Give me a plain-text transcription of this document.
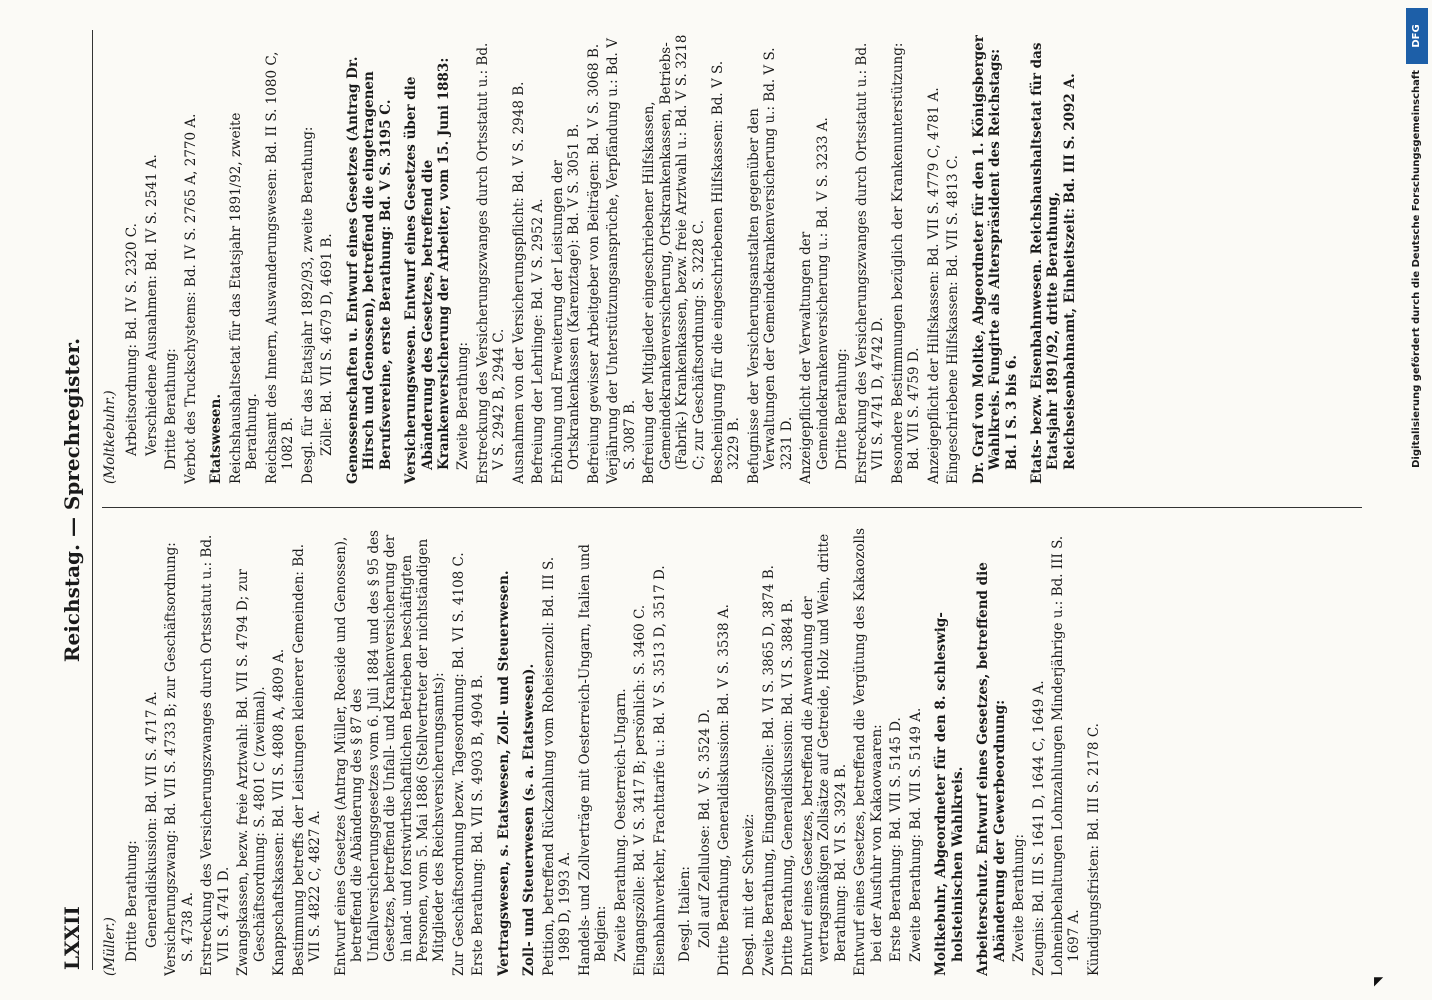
LXXII
Reichstag. — Sprechregister.

(Müller.) Dritte Berathung: Generaldiskussion: Bd. VII S. 4717 A. Versicherungszwang: Bd. VII S. 4733 B; zur Geschäftsordnung: S. 4738 A. Erstreckung des Versicherungszwanges durch Ortsstatut u.: Bd. VII S. 4741 D. Zwangskassen, bezw. freie Arztwahl: Bd. VII S. 4794 D; zur Geschäftsordnung: S. 4801 C (zweimal). Knappschaftskassen: Bd. VII S. 4808 A, 4809 A. Bestimmung betreffs der Leistungen kleinerer Gemeinden: Bd. VII S. 4822 C, 4827 A. Entwurf eines Gesetzes (Antrag Müller, Roeside und Genossen), betreffend die Abänderung des § 87 des Unfallversicherungsgesetzes vom 6. Juli 1884 und des § 95 des Gesetzes, betreffend die Unfall- und Krankenversicherung der in land- und forstwirthschaftlichen Betrieben beschäftigten Personen, vom 5. Mai 1886 (Stellvertreter der nichtständigen Mitglieder des Reichsversicherungsamts): Zur Geschäftsordnung bezw. Tagesordnung: Bd. VI S. 4108 C. Erste Berathung: Bd. VII S. 4903 B, 4904 B. Vertragswesen, s. Etatswesen, Zoll- und Steuerwesen. Zoll- und Steuerwesen (s. a. Etatswesen). Petition, betreffend Rückzahlung vom Roheisenzoll: Bd. III S. 1989 D, 1993 A. Handels- und Zollverträge mit Oesterreich-Ungarn, Italien und Belgien: Zweite Berathung. Oesterreich-Ungarn. Eingangszölle: Bd. V S. 3417 B; persönlich: S. 3460 C. Eisenbahnverkehr, Frachttarife u.: Bd. V S. 3513 D, 3517 D. Desgl. Italien: Zoll auf Zellulose: Bd. V S. 3524 D. Dritte Berathung, Generaldiskussion: Bd. V S. 3538 A. Desgl. mit der Schweiz: Zweite Berathung, Eingangszölle: Bd. VI S. 3865 D, 3874 B. Dritte Berathung, Generaldiskussion: Bd. VI S. 3884 B. Entwurf eines Gesetzes, betreffend die Anwendung der vertragsmäßigen Zollsätze auf Getreide, Holz und Wein, dritte Berathung: Bd. VI S. 3924 B. Entwurf eines Gesetzes, betreffend die Vergütung des Kakaozolls bei der Ausfuhr von Kakaowaaren: Erste Berathung: Bd. VII S. 5145 D. Zweite Berathung: Bd. VII S. 5149 A. Moltkebuhr, Abgeordneter für den 8. schleswig-holsteinischen Wahlkreis. Arbeiterschutz. Entwurf eines Gesetzes, betreffend die Abänderung der Gewerbeordnung: Zweite Berathung: Zeugnis: Bd. III S. 1641 D, 1644 C, 1649 A. Lohneinbehaltungen Lohnzahlungen Minderjährige u.: Bd. III S. 1697 A. Kündigungsfristen: Bd. III S. 2178 C.

(Moltkebuhr.) Arbeitsordnung: Bd. IV S. 2320 C. Verschiedene Ausnahmen: Bd. IV S. 2541 A. Dritte Berathung: Verbot des Truckschystems: Bd. IV S. 2765 A, 2770 A. Etatswesen. Reichshaushaltsetat für das Etatsjahr 1891/92, zweite Berathung. Reichsamt des Innern, Auswanderungswesen: Bd. II S. 1080 C, 1082 B. Desgl. für das Etatsjahr 1892/93, zweite Berathung: Zölle: Bd. VII S. 4679 D, 4691 B. Genossenschaften u. Entwurf eines Gesetzes (Antrag Dr. Hirsch und Genossen), betreffend die eingetragenen Berufsvereine, erste Berathung: Bd. V S. 3195 C. Versicherungswesen. Entwurf eines Gesetzes über die Abänderung des Gesetzes, betreffend die Krankenversicherung der Arbeiter, vom 15. Juni 1883: Zweite Berathung: Erstreckung des Versicherungszwanges durch Ortsstatut u.: Bd. V S. 2942 B, 2944 C. Ausnahmen von der Versicherungspflicht: Bd. V S. 2948 B. Befreiung der Lehrlinge: Bd. V S. 2952 A. Erhöhung und Erweiterung der Leistungen der Ortskrankenkassen (Karenztage): Bd. V S. 3051 B. Befreiung gewisser Arbeitgeber von Beiträgen: Bd. V S. 3068 B. Verjährung der Unterstützungsansprüche, Verpfändung u.: Bd. V S. 3087 B. Befreiung der Mitglieder eingeschriebener Hilfskassen, Gemeindekrankenversicherung, Ortskrankenkassen, Betriebs- (Fabrik-) Krankenkassen, bezw. freie Arztwahl u.: Bd. V S. 3218 C; zur Geschäftsordnung: S. 3228 C. Bescheinigung für die eingeschriebenen Hilfskassen: Bd. V S. 3229 B. Befugnisse der Versicherungsanstalten gegenüber den Verwaltungen der Gemeindekrankenversicherung u.: Bd. V S. 3231 D. Anzeigepflicht der Verwaltungen der Gemeindekrankenversicherung u.: Bd. V S. 3233 A. Dritte Berathung: Erstreckung des Versicherungszwanges durch Ortsstatut u.: Bd. VII S. 4741 D, 4742 D. Besondere Bestimmungen bezüglich der Krankenunterstützung: Bd. VII S. 4759 D. Anzeigepflicht der Hilfskassen: Bd. VII S. 4779 C, 4781 A. Eingeschriebene Hilfskassen: Bd. VII S. 4813 C. Dr. Graf von Moltke, Abgeordneter für den 1. Königsberger Wahlkreis. Fungirte als Alterspräsident des Reichstags: Bd. I S. 3 bis 6. Etats- bezw. Eisenbahnwesen. Reichshaushaltsetat für das Etatsjahr 1891/92, dritte Berathung, Reichseisenbahnamt, Einheitszeit: Bd. III S. 2092 A.	Digitalisierung gefördert durch die Deutsche Forschungsgemeinschaft
DFG
◤
